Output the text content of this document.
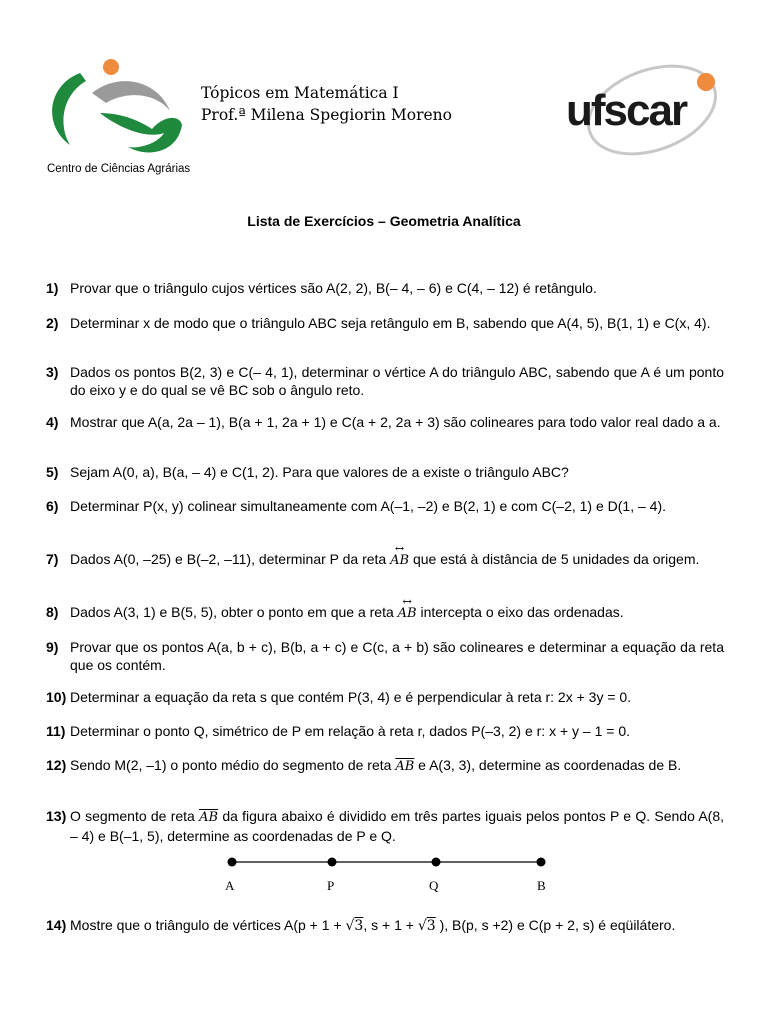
Centro de Ciências Agrárias
Tópicos em Matemática I
Prof.ª Milena Spegiorin Moreno	ufscar
Lista de Exercícios – Geometria Analítica
1) Provar que o triângulo cujos vértices são A(2, 2), B(– 4, – 6) e C(4, – 12) é retângulo.
2) Determinar x de modo que o triângulo ABC seja retângulo em B, sabendo que A(4, 5), B(1, 1) e C(x, 4).
3) Dados os pontos B(2, 3) e C(– 4, 1), determinar o vértice A do triângulo ABC, sabendo que A é um ponto do eixo y e do qual se vê BC sob o ângulo reto.
4) Mostrar que A(a, 2a – 1), B(a + 1, 2a + 1) e C(a + 2, 2a + 3) são colineares para todo valor real dado a a.
5) Sejam A(0, a), B(a, – 4) e C(1, 2). Para que valores de a existe o triângulo ABC?
6) Determinar P(x, y) colinear simultaneamente com A(–1, –2) e B(2, 1) e com C(–2, 1) e D(1, – 4).
7) Dados A(0, –25) e B(–2, –11), determinar P da reta ↔ AB que está à distância de 5 unidades da origem.
8) Dados A(3, 1) e B(5, 5), obter o ponto em que a reta ↔ AB intercepta o eixo das ordenadas.
9) Provar que os pontos A(a, b + c), B(b, a + c) e C(c, a + b) são colineares e determinar a equação da reta que os contém.
10) Determinar a equação da reta s que contém P(3, 4) e é perpendicular à reta r: 2x + 3y = 0.
11) Determinar o ponto Q, simétrico de P em relação à reta r, dados P(–3, 2) e r: x + y – 1 = 0.
12) Sendo M(2, –1) o ponto médio do segmento de reta $\overline{AB}$ e A(3, 3), determine as coordenadas de B.
13) O segmento de reta $\overline{AB}$ da figura abaixo é dividido em três partes iguais pelos pontos P e Q. Sendo A(8, – 4) e B(–1, 5), determine as coordenadas de P e Q.
14) Mostre que o triângulo de vértices A(p + 1 + √3, s + 1 + √3 ), B(p, s +2) e C(p + 2, s) é eqüilátero.
A	P	Q	B
